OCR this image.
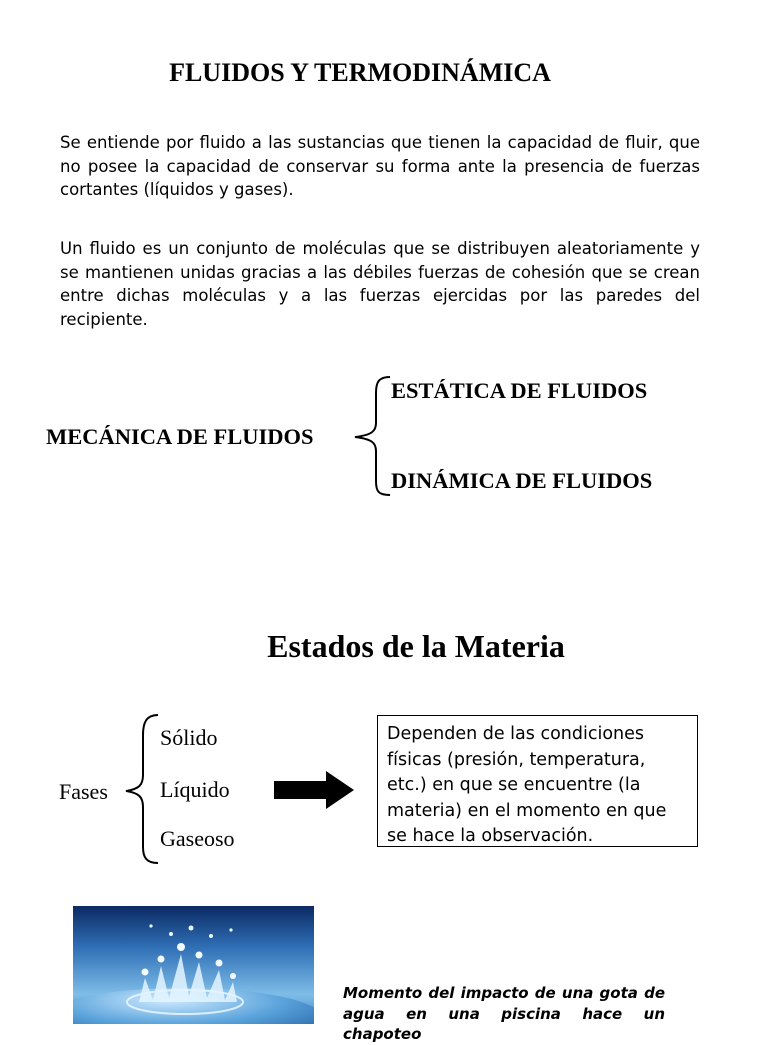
FLUIDOS Y TERMODINÁMICA
Se entiende por fluido a las sustancias que tienen la capacidad de fluir, que no posee la capacidad de conservar su forma ante la presencia de fuerzas cortantes (líquidos y gases).
Un fluido es un conjunto de moléculas que se distribuyen aleatoriamente y se mantienen unidas gracias a las débiles fuerzas de cohesión que se crean entre dichas moléculas y a las fuerzas ejercidas por las paredes del recipiente.
MECÁNICA DE FLUIDOS
ESTÁTICA DE FLUIDOS
DINÁMICA DE FLUIDOS
Estados de la Materia
Fases
Sólido
Líquido
Gaseoso
Dependen de las condiciones físicas (presión, temperatura, etc.) en que se encuentre (la materia) en el momento en que se hace la observación.
Momento del impacto de una gota de agua en una piscina hace un chapoteo
